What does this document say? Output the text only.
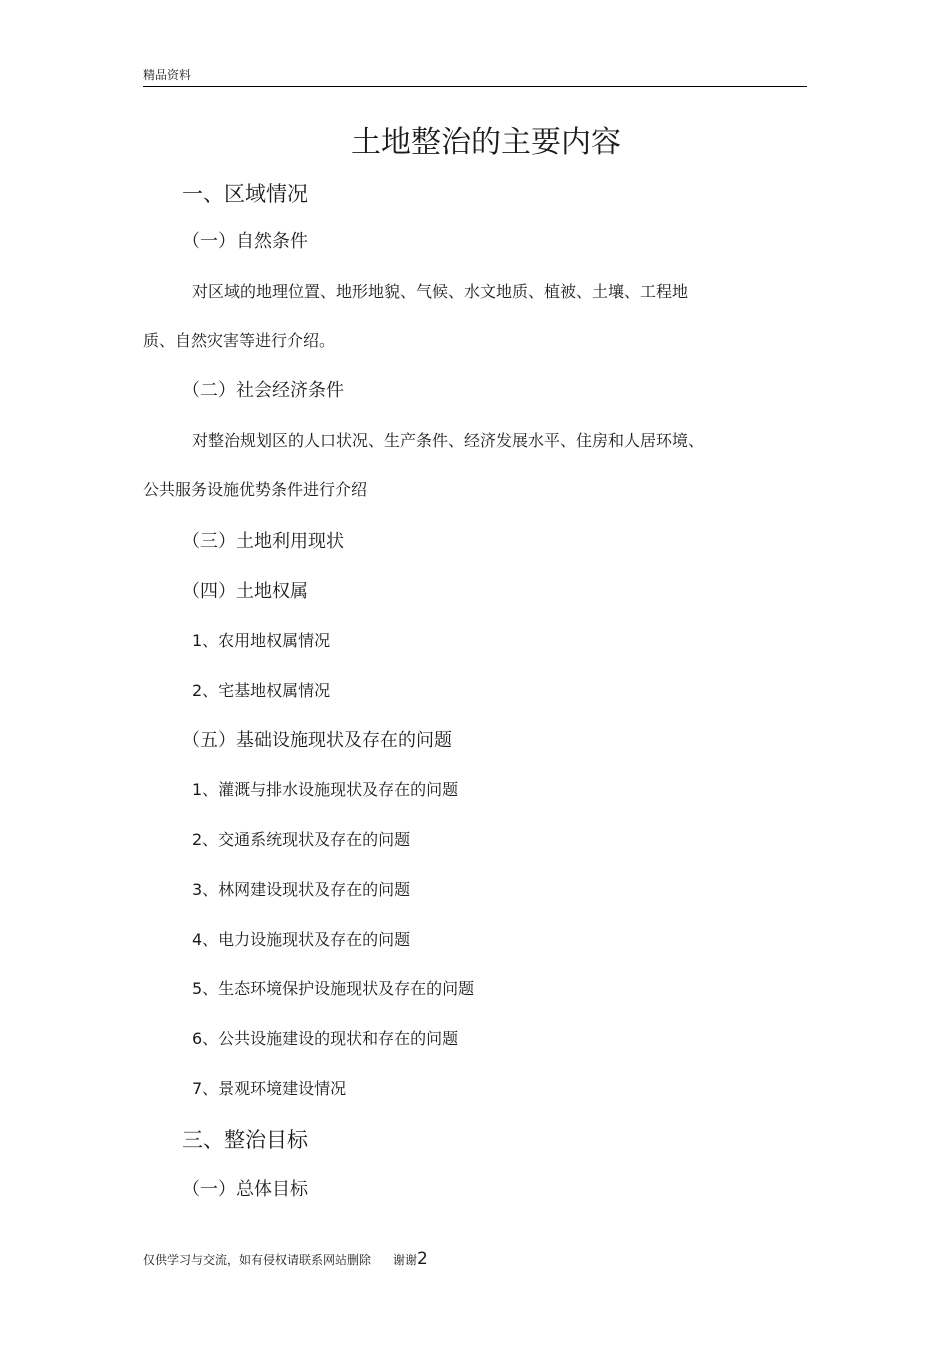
精品资料
土地整治的主要内容
一、区域情况
（一）自然条件
对区域的地理位置、地形地貌、气候、水文地质、植被、土壤、工程地
质、自然灾害等进行介绍。
（二）社会经济条件
对整治规划区的人口状况、生产条件、经济发展水平、住房和人居环境、
公共服务设施优势条件进行介绍
（三）土地利用现状
（四）土地权属
1、农用地权属情况
2、宅基地权属情况
（五）基础设施现状及存在的问题
1、灌溉与排水设施现状及存在的问题
2、交通系统现状及存在的问题
3、林网建设现状及存在的问题
4、电力设施现状及存在的问题
5、生态环境保护设施现状及存在的问题
6、公共设施建设的现状和存在的问题
7、景观环境建设情况
三、整治目标
（一）总体目标
仅供学习与交流，如有侵权请联系网站删除 谢谢2
